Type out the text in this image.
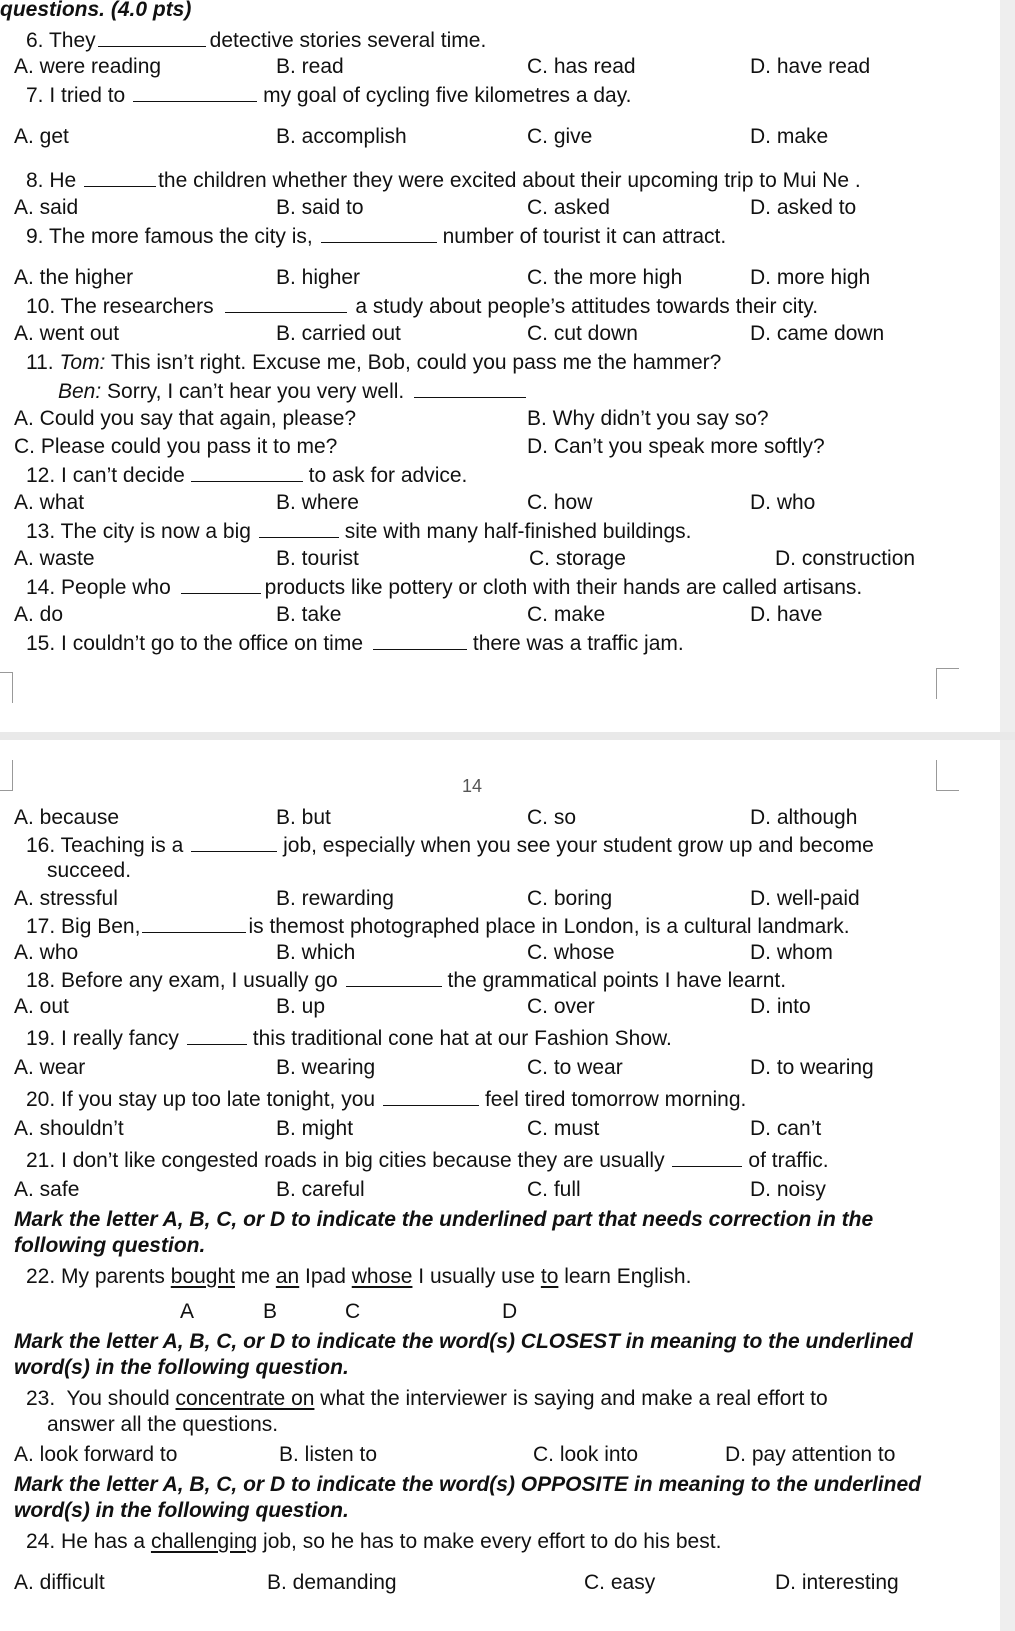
questions. (4.0 pts)
6. They	detective stories several time.
A. were reading	B. read	C. has read	D. have read
7. I tried to	my goal of cycling five kilometres a day.
A. get	B. accomplish	C. give	D. make
8. He	the children whether they were excited about their upcoming trip to Mui Ne .
A. said	B. said to	C. asked	D. asked to
9. The more famous the city is,	number of tourist it can attract.
A. the higher	B. higher	C. the more high	D. more high
10. The researchers	a study about people’s attitudes towards their city.
A. went out	B. carried out	C. cut down	D. came down
11. Tom: This isn’t right. Excuse me, Bob, could you pass me the hammer?
Ben: Sorry, I can’t hear you very well.
A. Could you say that again, please?	B. Why didn’t you say so?
C. Please could you pass it to me?	D. Can’t you speak more softly?
12. I can’t decide	to ask for advice.
A. what	B. where	C. how	D. who
13. The city is now a big	site with many half-finished buildings.
A. waste	B. tourist	C. storage	D. construction
14. People who	products like pottery or cloth with their hands are called artisans.
A. do	B. take	C. make	D. have
15. I couldn’t go to the office on time	there was a traffic jam.
14
A. because	B. but	C. so	D. although
16. Teaching is a	job, especially when you see your student grow up and become
succeed.
A. stressful	B. rewarding	C. boring	D. well-paid
17. Big Ben,	is themost photographed place in London, is a cultural landmark.
A. who	B. which	C. whose	D. whom
18. Before any exam, I usually go	the grammatical points I have learnt.
A. out	B. up	C. over	D. into
19. I really fancy	this traditional cone hat at our Fashion Show.
A. wear	B. wearing	C. to wear	D. to wearing
20. If you stay up too late tonight, you	feel tired tomorrow morning.
A. shouldn’t	B. might	C. must	D. can’t
21. I don’t like congested roads in big cities because they are usually	of traffic.
A. safe	B. careful	C. full	D. noisy
Mark the letter A, B, C, or D to indicate the underlined part that needs correction in the
following question.
22. My parents bought me an Ipad whose I usually use to learn English.
A	B	C	D
Mark the letter A, B, C, or D to indicate the word(s) CLOSEST in meaning to the underlined
word(s) in the following question.
23. You should concentrate on what the interviewer is saying and make a real effort to
answer all the questions.
A. look forward to	B. listen to	C. look into	D. pay attention to
Mark the letter A, B, C, or D to indicate the word(s) OPPOSITE in meaning to the underlined
word(s) in the following question.
24. He has a challenging job, so he has to make every effort to do his best.
A. difficult	B. demanding	C. easy	D. interesting
